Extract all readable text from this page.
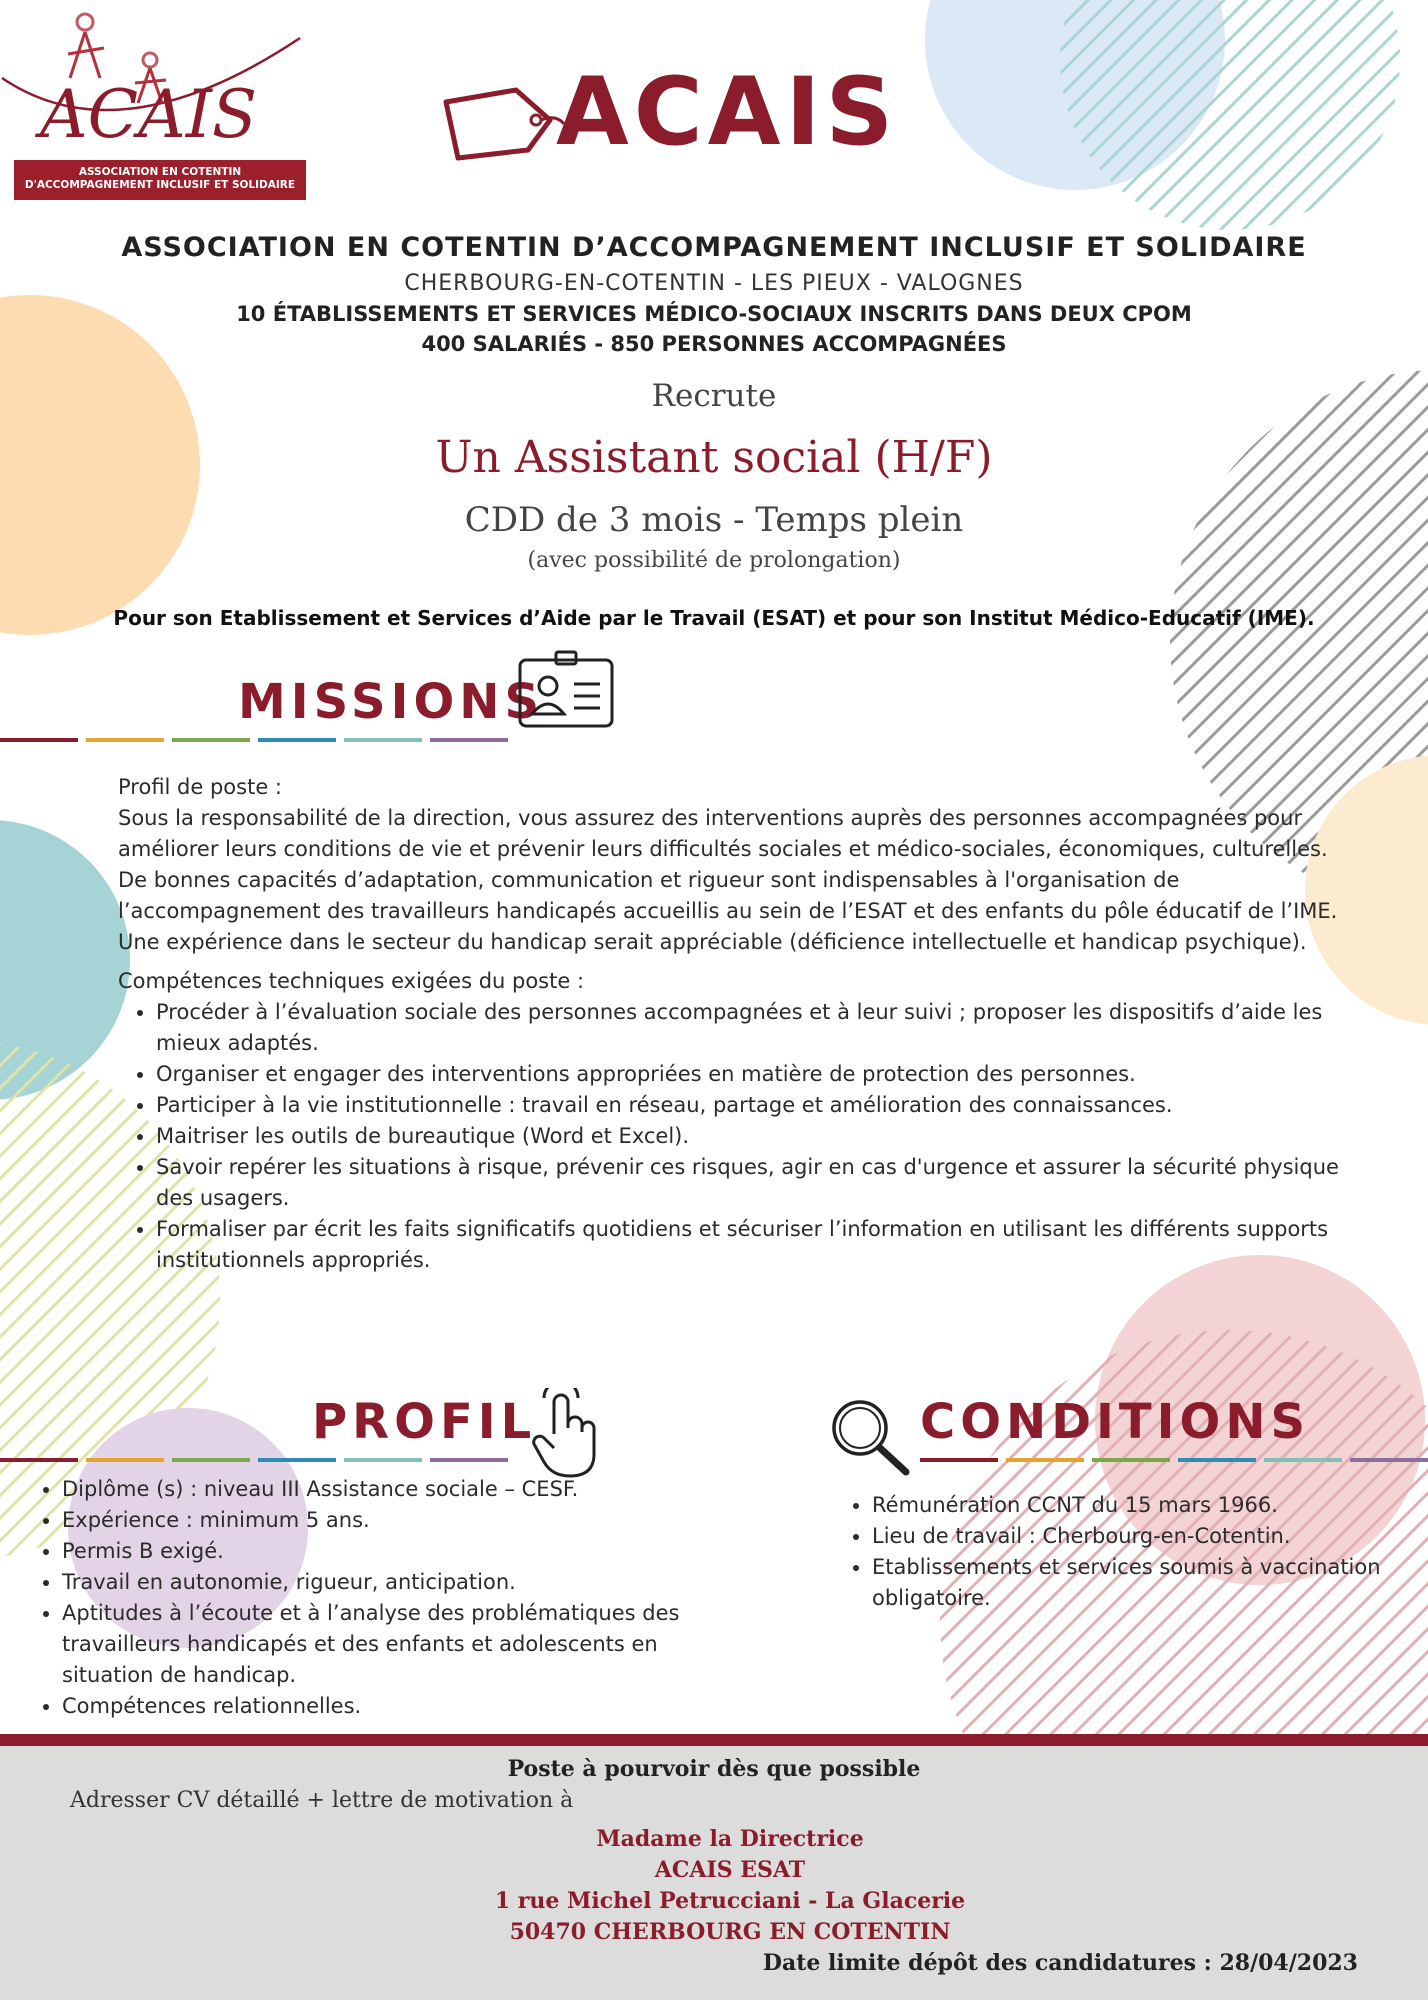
ACAIS
ASSOCIATION EN COTENTIN
D'ACCOMPAGNEMENT INCLUSIF ET SOLIDAIRE
ACAIS
ASSOCIATION EN COTENTIN D’ACCOMPAGNEMENT INCLUSIF ET SOLIDAIRE
CHERBOURG-EN-COTENTIN - LES PIEUX - VALOGNES
10 ÉTABLISSEMENTS ET SERVICES MÉDICO-SOCIAUX INSCRITS DANS DEUX CPOM
400 SALARIÉS - 850 PERSONNES ACCOMPAGNÉES
Recrute
Un Assistant social (H/F)
CDD de 3 mois - Temps plein
(avec possibilité de prolongation)
Pour son Etablissement et Services d’Aide par le Travail (ESAT) et pour son Institut Médico-Educatif (IME).
MISSIONS
Profil de poste :
Sous la responsabilité de la direction, vous assurez des interventions auprès des personnes accompagnées pour améliorer leurs conditions de vie et prévenir leurs difficultés sociales et médico-sociales, économiques, culturelles.
De bonnes capacités d’adaptation, communication et rigueur sont indispensables à l'organisation de l’accompagnement des travailleurs handicapés accueillis au sein de l’ESAT et des enfants du pôle éducatif de l’IME.
Une expérience dans le secteur du handicap serait appréciable (déficience intellectuelle et handicap psychique).
Compétences techniques exigées du poste :
• Procéder à l’évaluation sociale des personnes accompagnées et à leur suivi ; proposer les dispositifs d’aide les mieux adaptés.
• Organiser et engager des interventions appropriées en matière de protection des personnes.
• Participer à la vie institutionnelle : travail en réseau, partage et amélioration des connaissances.
• Maitriser les outils de bureautique (Word et Excel).
• Savoir repérer les situations à risque, prévenir ces risques, agir en cas d'urgence et assurer la sécurité physique des usagers.
• Formaliser par écrit les faits significatifs quotidiens et sécuriser l’information en utilisant les différents supports institutionnels appropriés.
PROFIL
• Diplôme (s) : niveau III Assistance sociale – CESF.
• Expérience : minimum 5 ans.
• Permis B exigé.
• Travail en autonomie, rigueur, anticipation.
• Aptitudes à l’écoute et à l’analyse des problématiques des travailleurs handicapés et des enfants et adolescents en situation de handicap.
• Compétences relationnelles.
CONDITIONS
• Rémunération CCNT du 15 mars 1966.
• Lieu de travail : Cherbourg-en-Cotentin.
• Etablissements et services soumis à vaccination obligatoire.
Poste à pourvoir dès que possible
Adresser CV détaillé + lettre de motivation à
Madame la Directrice
ACAIS ESAT
1 rue Michel Petrucciani - La Glacerie
50470 CHERBOURG EN COTENTIN
Date limite dépôt des candidatures : 28/04/2023
